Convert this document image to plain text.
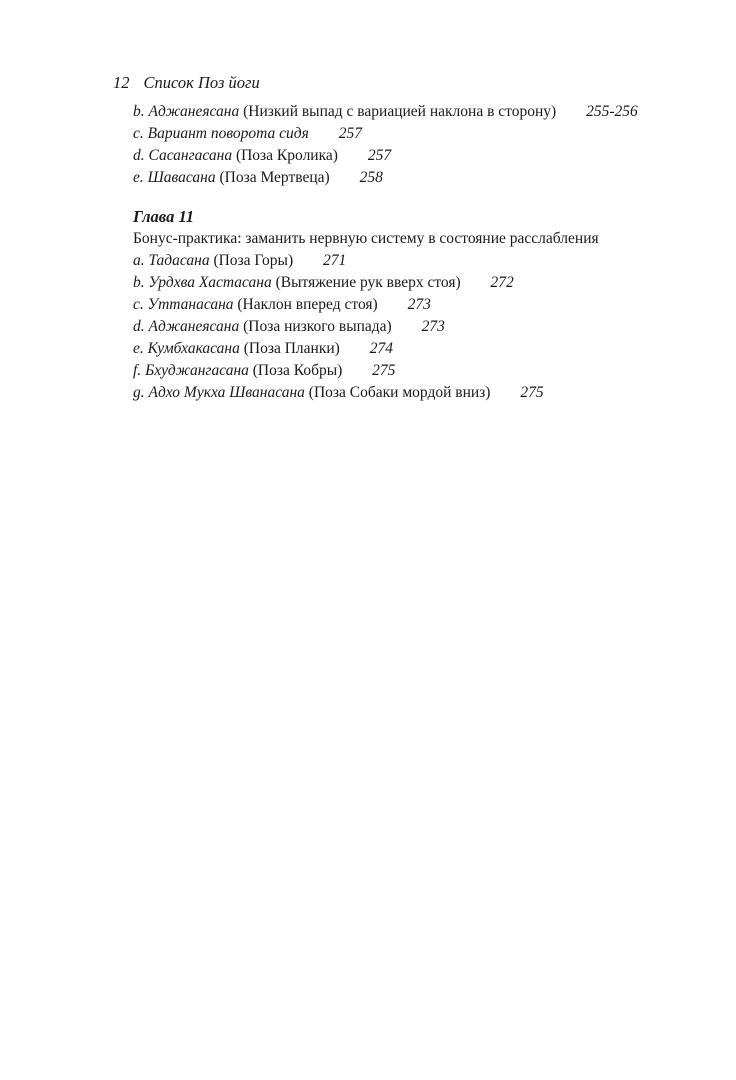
12 Список Поз йоги
b. Аджанеясана (Низкий выпад с вариацией наклона в сторону) 255-256
c. Вариант поворота сидя 257
d. Сасангасана (Поза Кролика) 257
e. Шавасана (Поза Мертвеца) 258
Глава 11
Бонус-практика: заманить нервную систему в состояние расслабления
a. Тадасана (Поза Горы) 271
b. Урдхва Хастасана (Вытяжение рук вверх стоя) 272
c. Уттанасана (Наклон вперед стоя) 273
d. Аджанеясана (Поза низкого выпада) 273
e. Кумбхакасана (Поза Планки) 274
f. Бхуджангасана (Поза Кобры) 275
g. Адхо Мукха Шванасана (Поза Собаки мордой вниз) 275
